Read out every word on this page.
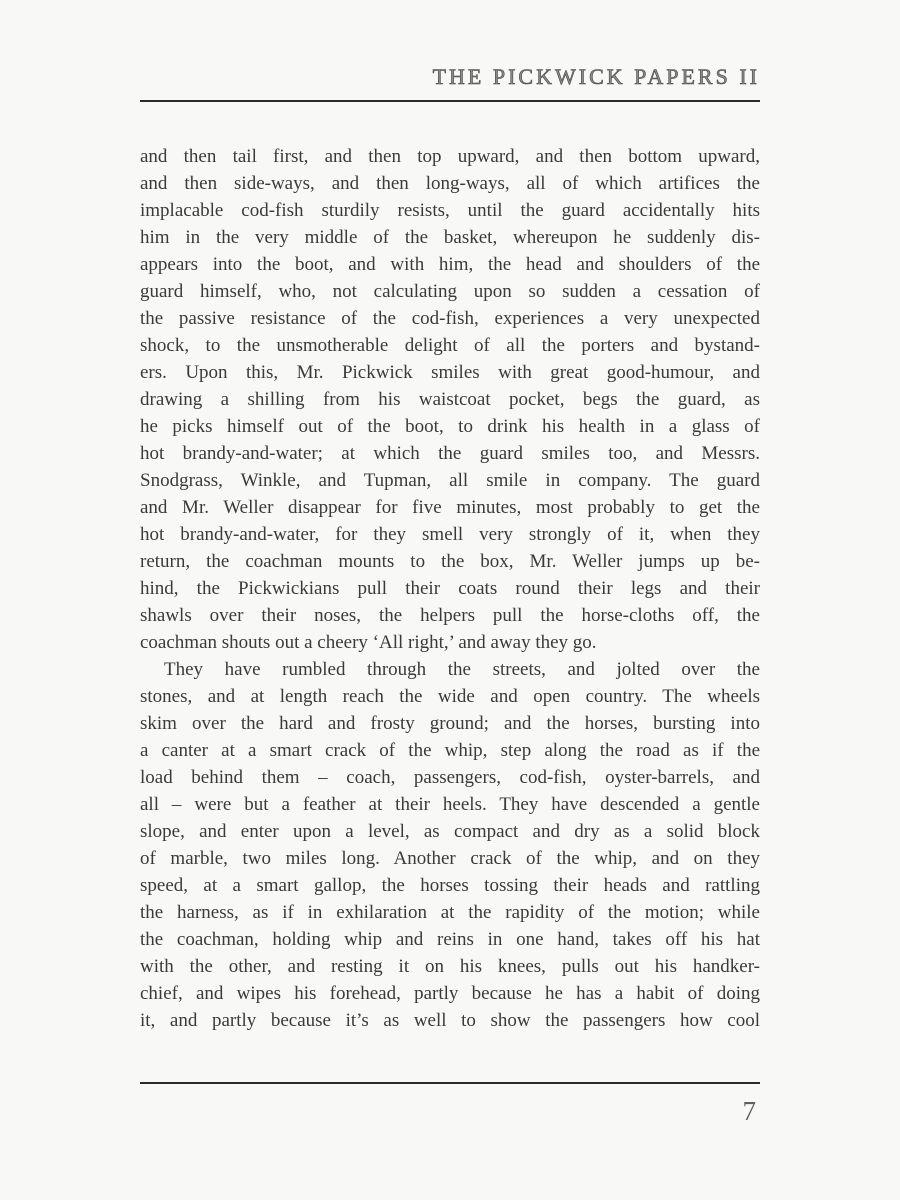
THE PICKWICK PAPERS II
and then tail first, and then top upward, and then bottom upward,
and then side-ways, and then long-ways, all of which artifices the
implacable cod-fish sturdily resists, until the guard accidentally hits
him in the very middle of the basket, whereupon he suddenly dis-
appears into the boot, and with him, the head and shoulders of the
guard himself, who, not calculating upon so sudden a cessation of
the passive resistance of the cod-fish, experiences a very unexpected
shock, to the unsmotherable delight of all the porters and bystand-
ers. Upon this, Mr. Pickwick smiles with great good-humour, and
drawing a shilling from his waistcoat pocket, begs the guard, as
he picks himself out of the boot, to drink his health in a glass of
hot brandy-and-water; at which the guard smiles too, and Messrs.
Snodgrass, Winkle, and Tupman, all smile in company. The guard
and Mr. Weller disappear for five minutes, most probably to get the
hot brandy-and-water, for they smell very strongly of it, when they
return, the coachman mounts to the box, Mr. Weller jumps up be-
hind, the Pickwickians pull their coats round their legs and their
shawls over their noses, the helpers pull the horse-cloths off, the
coachman shouts out a cheery ‘All right,’ and away they go.
They have rumbled through the streets, and jolted over the
stones, and at length reach the wide and open country. The wheels
skim over the hard and frosty ground; and the horses, bursting into
a canter at a smart crack of the whip, step along the road as if the
load behind them – coach, passengers, cod-fish, oyster-barrels, and
all – were but a feather at their heels. They have descended a gentle
slope, and enter upon a level, as compact and dry as a solid block
of marble, two miles long. Another crack of the whip, and on they
speed, at a smart gallop, the horses tossing their heads and rattling
the harness, as if in exhilaration at the rapidity of the motion; while
the coachman, holding whip and reins in one hand, takes off his hat
with the other, and resting it on his knees, pulls out his handker-
chief, and wipes his forehead, partly because he has a habit of doing
it, and partly because it’s as well to show the passengers how cool
7
